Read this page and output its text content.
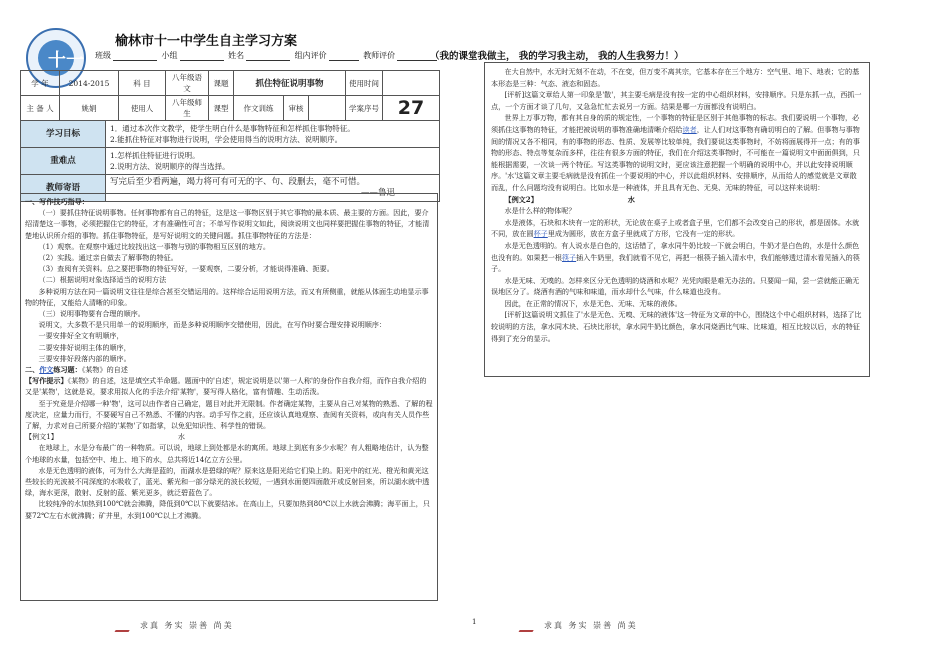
十一
榆林市十一中学生自主学习方案
班级	小组	姓名	组内评价	教师评价	（我的课堂我做主， 我的学习我主动， 我的人生我努力！）
学 年	2014-2015	科 目	八年级语文	课题	抓住特征说明事物			使用时间	
主 备 人	姚娟	使用人	八年级师生	课型	作文训练	审核		学案序号	27
学习目标	1．通过本次作文教学，使学生明白什么是事物特征和怎样抓住事物特征。

2.能抓住特征对事物进行说明，学会使用得当的说明方法、说明顺序。

重难点	1.怎样抓住特征进行说明。

2.说明方法、说明顺序的得当选择。

教师寄语	写完后至少看两遍，竭力将可有可无的字、句、段删去，毫不可惜。

——鲁迅

一、写作技巧指导：

（一）要抓住特征说明事物。任何事物都有自己的特征，这是这一事物区别于其它事物的最本质、最主要的方面。因此，要介绍清楚这一事物，必须把握住它的特征，才有准确性可言；不单写作说明文如此，阅读说明文也同样要把握住事物的特征，才能清楚地认识所介绍的事物。抓住事物特征，是写好说明文的关键问题。抓住事物特征的方法是：

（1）观察。在观察中通过比较找出这一事物与别的事物相互区别的地方。

（2）实践。通过亲自做去了解事物的特征。

（3）查阅有关资料。总之要把事物的特征写好，一要观察，二要分析，才能说得准确、扼要。

（二）根据说明对象选择适当的说明方法

多种说明方法在同一篇说明文往往是综合甚至交错运用的。这样综合运用说明方法，而又有所侧重，就能从体面生动地显示事物的特征，又能给人清晰的印象。

（三）说明事物要有合理的顺序。

说明文，大多数不是只用单一的说明顺序，而是多种说明顺序交错使用，因此，在写作时要合理安排说明顺序：

一要安排好全文有明顺序，

二要安排好说明主体的顺序，

三要安排好段落内部的顺序。

二、作文练习题：《某物》的自述

【写作提示】《某物》的自述，这是填空式半命题。题面中的'自述'，规定说明是以'第一人称'的身份作自我介绍，而作自我介绍的又是'某物'，这就是说，要求用拟人化的手法介绍'某物'，要写得人格化，富有情趣、生动活泼。

至于究竟是介绍哪一种'物'，这可以由作者自己确定，题目对此并无限制。作者确定某物，主要从自己对某物的熟悉、了解的程度决定，应量力而行，不要硬写自己不熟悉、不懂的内容。动手写作之前，还应该认真地观察、查阅有关资料，或向有关人员作些了解，力求对自己所要介绍的'某物'了如指掌，以免犯知识性、科学性的错误。

【例文1】	水

在地球上，水是分布最广的一种物质。可以说，地球上到处都是水的寓所。地球上到底有多少水呢？有人粗略地估计，认为整个地球的水量，包括空中、地上、地下的水，总共将近14亿立方公里。

水是无色透明的液体，可为什么大海是蓝的，而湖水是碧绿的呢？原来这是阳光给它们染上的。阳光中的红光、橙光和黄光这些较长的光波被不同深度的水吸收了，蓝光、紫光和一部分绿光的波长较短，一遇到水面便四面散开或反射回来，所以湖水就中透绿，海水更深，散射、反射的蓝、紫光更多，就泛碧蓝色了。

比较纯净的水加热到100℃就会沸腾，降低到0℃以下就要结冰。在高山上，只要加热到80℃以上水就会沸腾；海平面上，只要72℃左右水就沸腾；矿井里，水到100℃以上才沸腾。

在大自然中，水无时无刻不在动，不在变，但万变不离其宗，它基本存在三个地方：空气里、地下、地表；它的基本形态是三种：气态、液态和固态。

[评析]这篇文章给人第一印象是'散'，其主要毛病是没有按一定的中心组织材料，安排顺序。只是东抓一点，西抓一点，一个方面才谈了几句，又急急忙忙去说另一方面。结果是哪一方面都没有说明白。

世界上万事万物，都有其自身的质的规定性，一个事物的特征是区别于其他事物的标志。我们要说明一个事物，必须抓住这事物的特征，才能把被说明的事物准确地清晰介绍给读者，让人们对这事物有确切明白的了解。但事物与事物间的情况又各不相同，有的事物的形态、性质、发展等比较单纯，我们要说这类事物时，不妨将面展得开一点；有的事物的形态、特点等复杂而多样，往往有很多方面的特征，我们在介绍这类事物时，不可能在一篇说明文中面面俱到，只能根据需要，一次谈一两个特征。写这类事物的说明文时，更应该注意把握一个明确的说明中心，并以此安排说明顺序。'水'这篇文章主要毛病就是没有抓住一个要说明的中心，并以此组织材料、安排顺序，从而给人的感觉就是文章散而乱，什么问题均没有说明白。比如水是一种液体，并且具有无色、无臭、无味的特征，可以这样来说明：

【例文2】	水

水是什么样的物体呢？

水是液体，石块和木块有一定的形状，无论放在桌子上或者盒子里，它们都不会改变自己的形状，都是固体。水就不同，放在圆杯子里成为圆形，放在方盒子里就成了方形，它没有一定的形状。

水是无色透明的。有人说水是白色的，这话错了，拿水同牛奶比较一下就会明白，牛奶才是白色的，水是什么颜色也没有的。如果把一根筷子插入牛奶里，我们就看不见它，再把一根筷子插入清水中，我们能够透过清水看见插入的筷子。

水是无味、无嗅的。怎样来区分无色透明的烧酒和水呢？光凭肉眼是难无办法的。只要闻一闻，尝一尝就能正确无误地区分了。烧酒有酒的气味和味道，而水却什么气味，什么味道也没有。

因此，在正常的情况下，水是无色、无味、无味的液体。

[评析]这篇说明文抓住了'水是无色、无嗅、无味的液体'这一特征为文章的中心，围绕这个中心组织材料，选择了比较说明的方法，拿水同木块、石块比形状，拿水同牛奶比颜色，拿水同烧酒比气味、比味道，相互比较以后，水的特征得到了充分的显示。

求真 务实 崇善 尚美	1	求真 务实 崇善 尚美
